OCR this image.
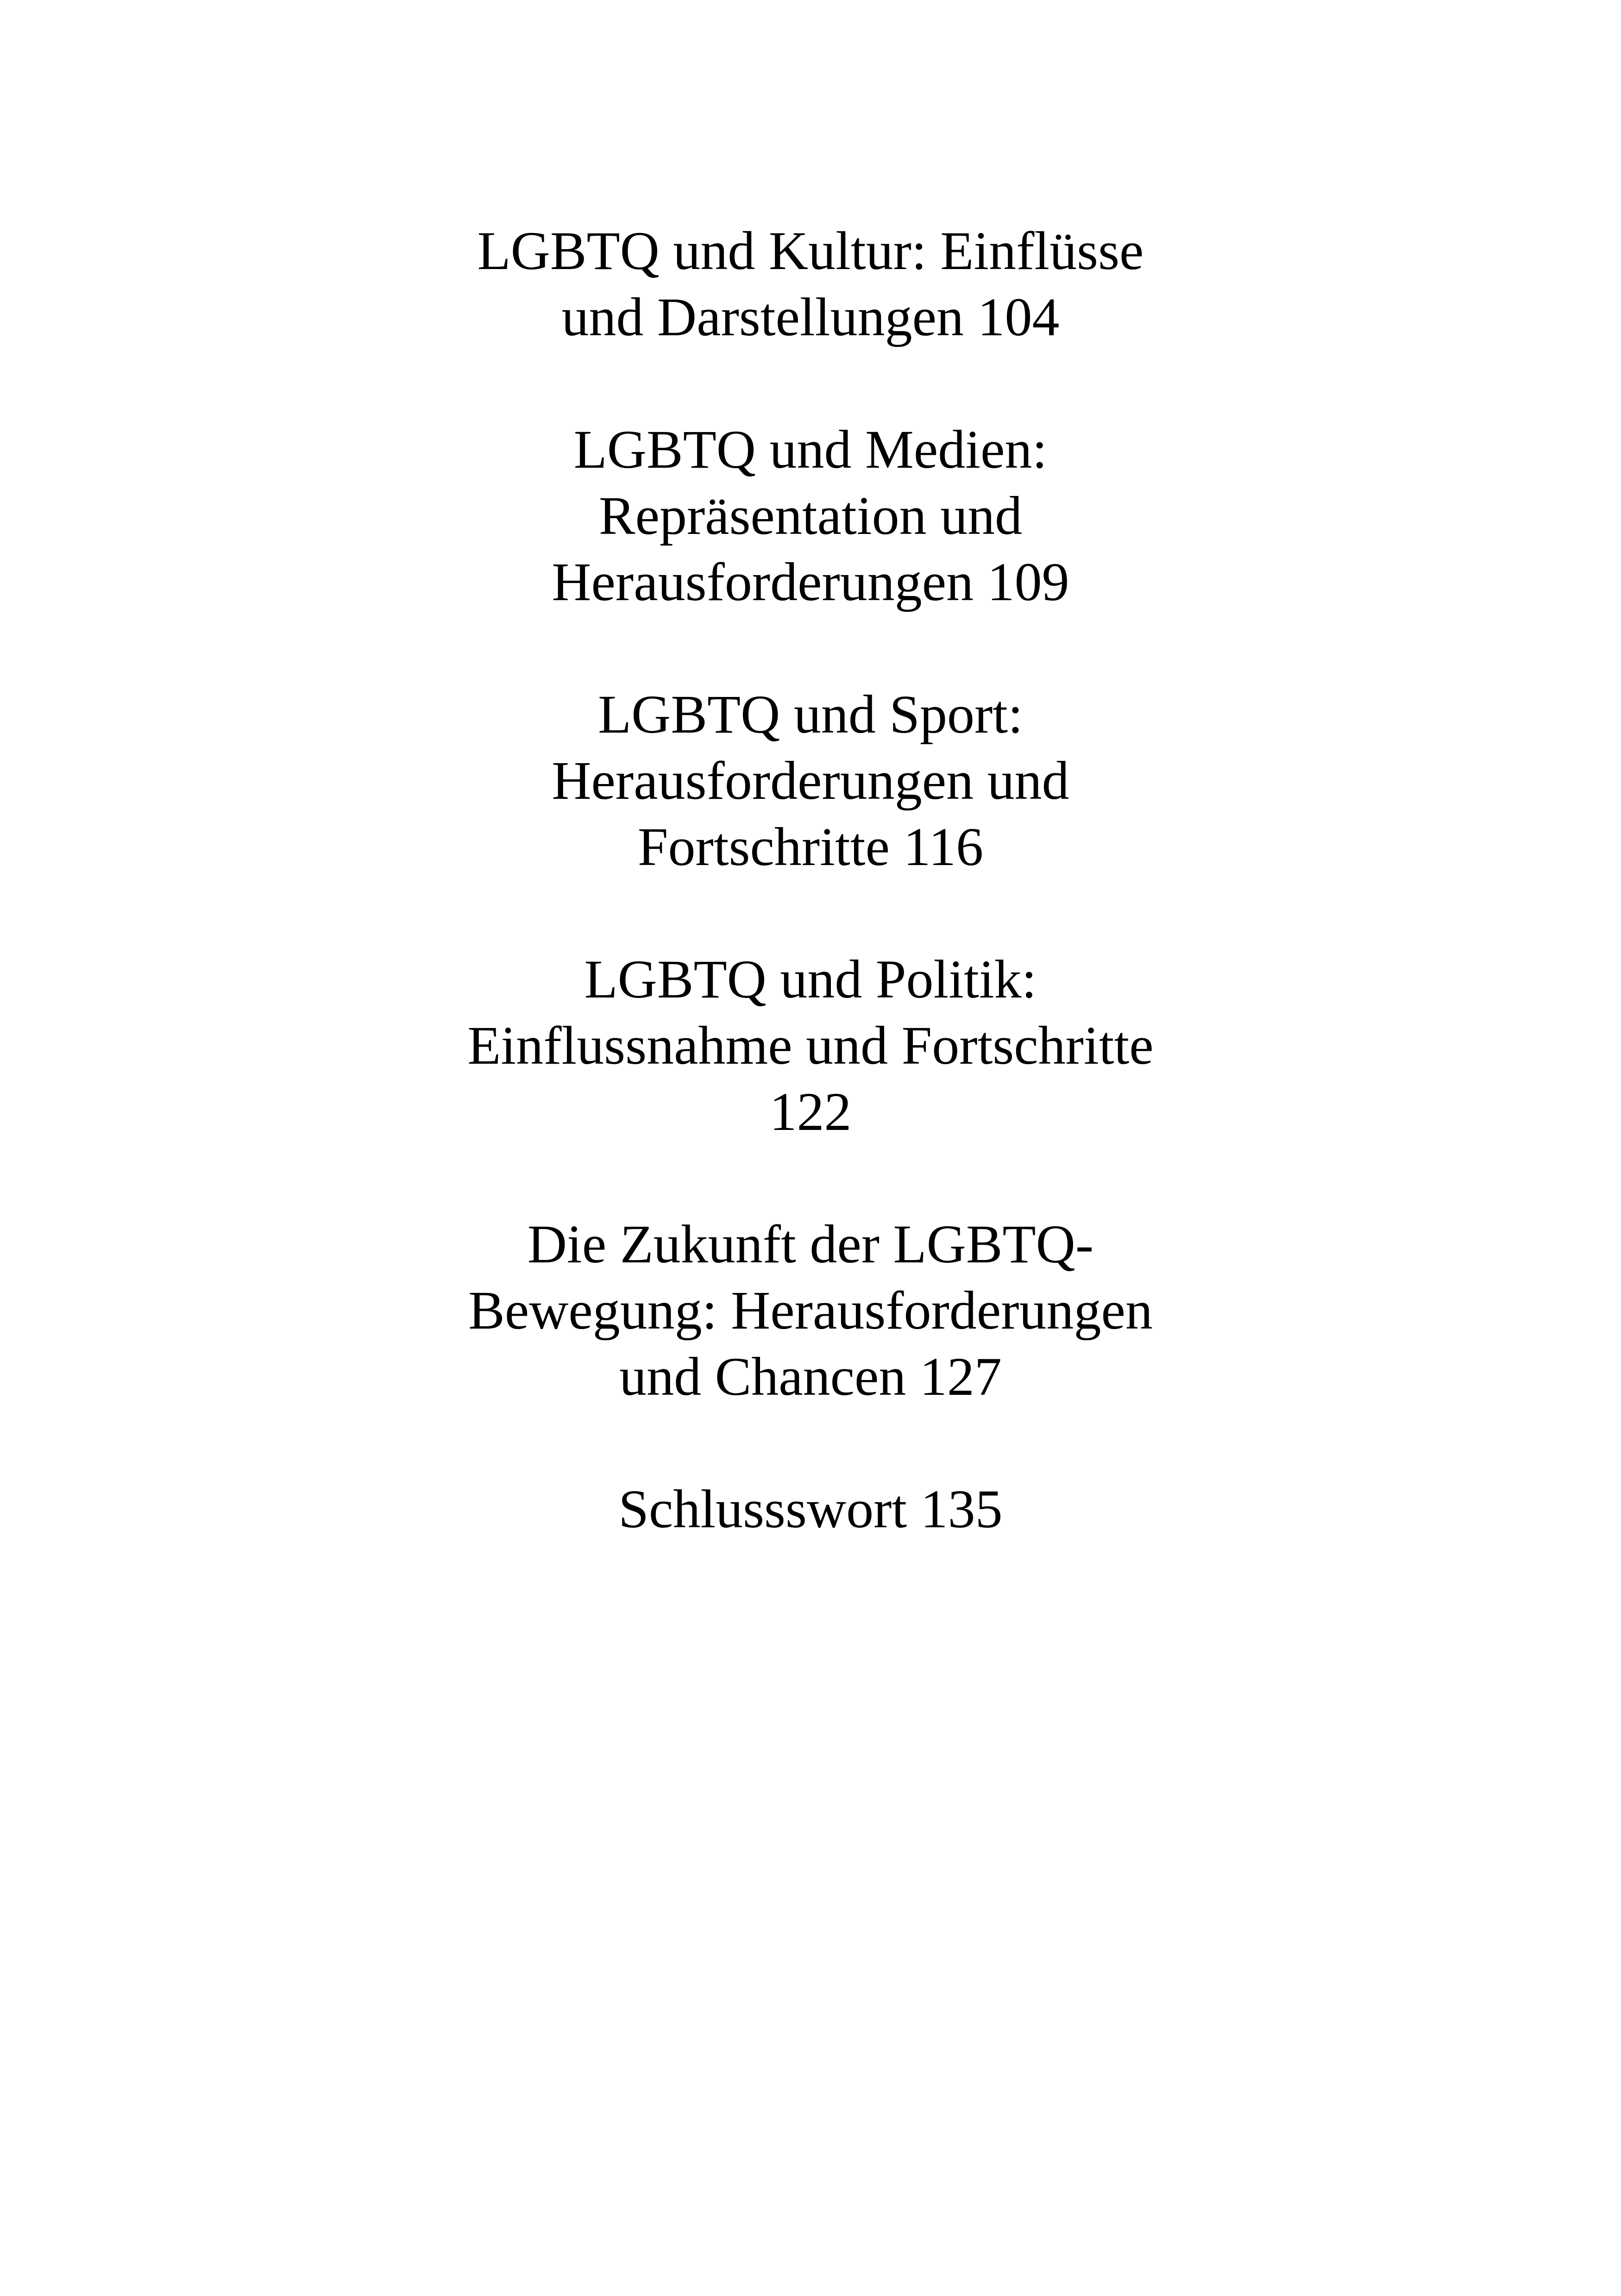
LGBTQ und Kultur: Einflüsse
und Darstellungen 104
LGBTQ und Medien:
Repräsentation und
Herausforderungen 109
LGBTQ und Sport:
Herausforderungen und
Fortschritte 116
LGBTQ und Politik:
Einflussnahme und Fortschritte
122
Die Zukunft der LGBTQ-
Bewegung: Herausforderungen
und Chancen 127
Schlussswort 135
